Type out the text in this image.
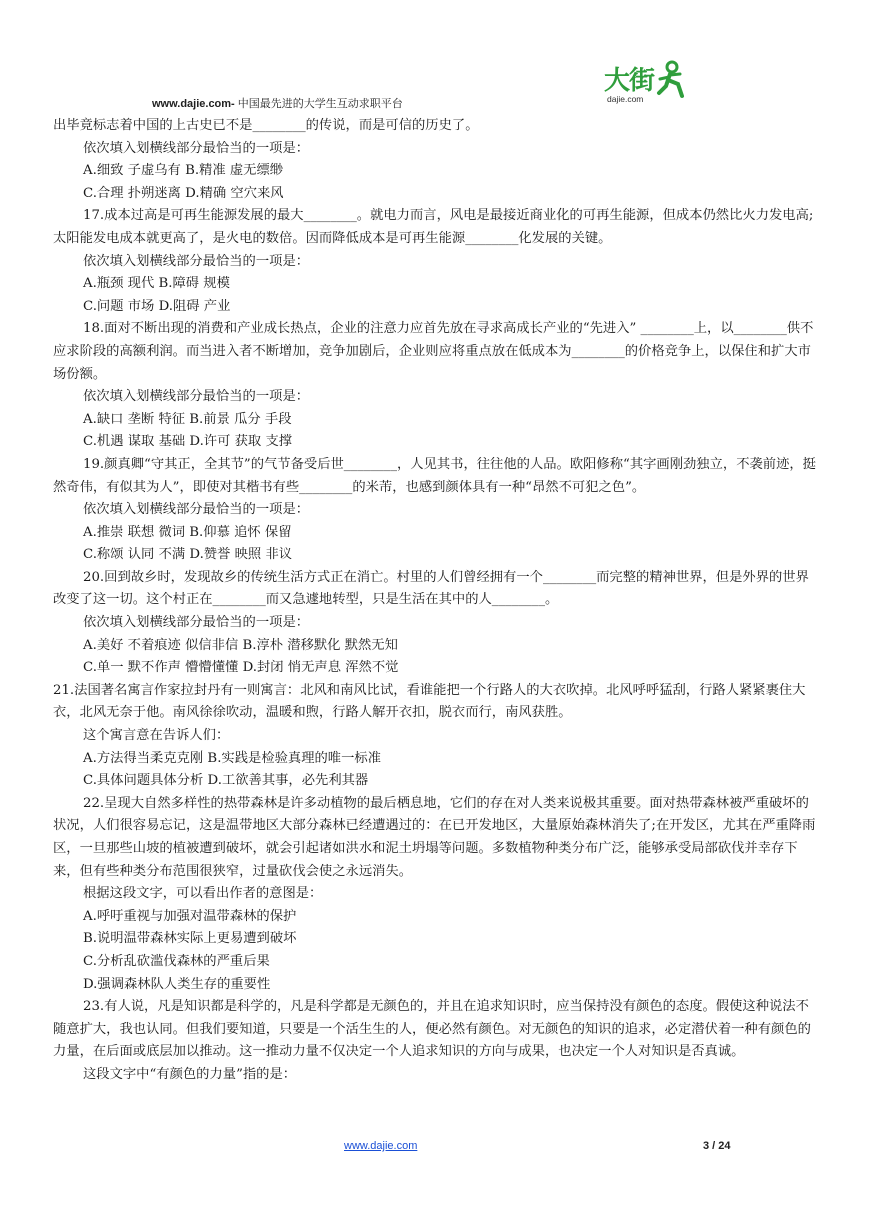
www.dajie.com- 中国最先进的大学生互动求职平台
大街
dajie.com

出毕竟标志着中国的上古史已不是________的传说，而是可信的历史了。

依次填入划横线部分最恰当的一项是：

A.细致 子虚乌有 B.精准 虚无缥缈

C.合理 扑朔迷离 D.精确 空穴来风

17.成本过高是可再生能源发展的最大________。就电力而言，风电是最接近商业化的可再生能源，但成本仍然比火力发电高;太阳能发电成本就更高了，是火电的数倍。因而降低成本是可再生能源________化发展的关键。

依次填入划横线部分最恰当的一项是：

A.瓶颈 现代 B.障碍 规模

C.问题 市场 D.阻碍 产业

18.面对不断出现的消费和产业成长热点，企业的注意力应首先放在寻求高成长产业的“先进入” ________上，以________供不应求阶段的高额利润。而当进入者不断增加，竞争加剧后，企业则应将重点放在低成本为________的价格竞争上，以保住和扩大市场份额。

依次填入划横线部分最恰当的一项是：

A.缺口 垄断 特征 B.前景 瓜分 手段

C.机遇 谋取 基础 D.许可 获取 支撑

19.颜真卿“守其正，全其节”的气节备受后世________，人见其书，往往他的人品。欧阳修称“其字画刚劲独立，不袭前迹，挺然奇伟，有似其为人”，即使对其楷书有些________的米芾，也感到颜体具有一种“昂然不可犯之色”。

依次填入划横线部分最恰当的一项是：

A.推崇 联想 微词 B.仰慕 追怀 保留

C.称颂 认同 不满 D.赞誉 映照 非议

20.回到故乡时，发现故乡的传统生活方式正在消亡。村里的人们曾经拥有一个________而完整的精神世界，但是外界的世界改变了这一切。这个村正在________而又急遽地转型，只是生活在其中的人________。

依次填入划横线部分最恰当的一项是：

A.美好 不着痕迹 似信非信 B.淳朴 潜移默化 默然无知

C.单一 默不作声 懵懵懂懂 D.封闭 悄无声息 浑然不觉

21.法国著名寓言作家拉封丹有一则寓言：北风和南风比试，看谁能把一个行路人的大衣吹掉。北风呼呼猛刮，行路人紧紧裹住大衣，北风无奈于他。南风徐徐吹动，温暖和煦，行路人解开衣扣，脱衣而行，南风获胜。

这个寓言意在告诉人们：

A.方法得当柔克克刚 B.实践是检验真理的唯一标准

C.具体问题具体分析 D.工欲善其事，必先利其器

22.呈现大自然多样性的热带森林是许多动植物的最后栖息地，它们的存在对人类来说极其重要。面对热带森林被严重破坏的状况，人们很容易忘记，这是温带地区大部分森林已经遭遇过的：在已开发地区，大量原始森林消失了;在开发区，尤其在严重降雨区，一旦那些山坡的植被遭到破坏，就会引起诸如洪水和泥土坍塌等问题。多数植物种类分布广泛，能够承受局部砍伐并幸存下来，但有些种类分布范围很狭窄，过量砍伐会使之永远消失。

根据这段文字，可以看出作者的意图是：

A.呼吁重视与加强对温带森林的保护

B.说明温带森林实际上更易遭到破坏

C.分析乱砍滥伐森林的严重后果

D.强调森林队人类生存的重要性

23.有人说，凡是知识都是科学的，凡是科学都是无颜色的，并且在追求知识时，应当保持没有颜色的态度。假使这种说法不随意扩大，我也认同。但我们要知道，只要是一个活生生的人，便必然有颜色。对无颜色的知识的追求，必定潜伏着一种有颜色的力量，在后面或底层加以推动。这一推动力量不仅决定一个人追求知识的方向与成果，也决定一个人对知识是否真诚。

这段文字中“有颜色的力量”指的是：

www.dajie.com	3 / 24
